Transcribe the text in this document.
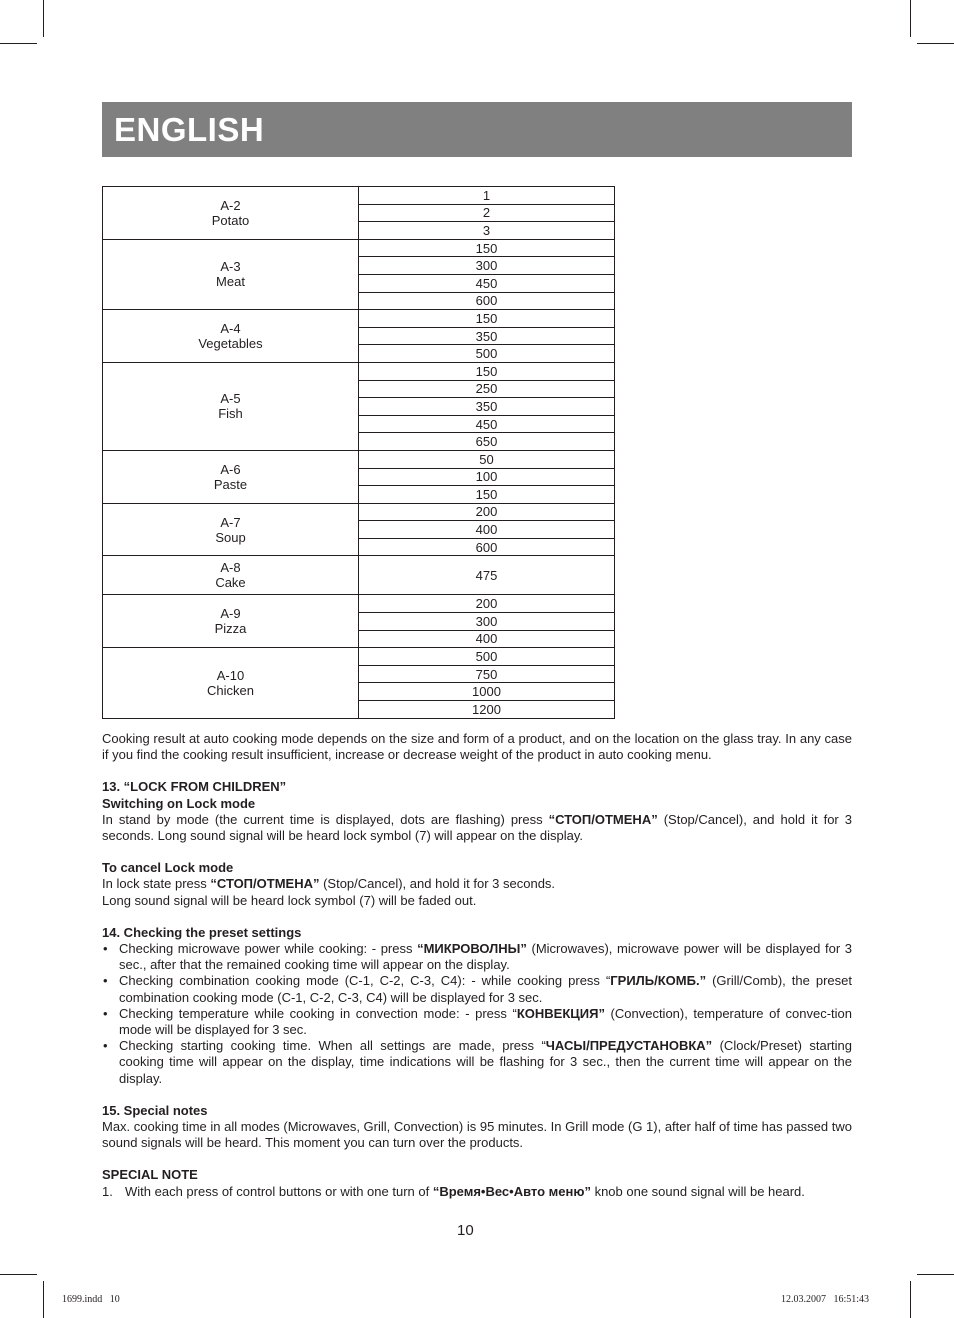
ENGLISH
A-2
Potato	1
	2
	3

A-3
Meat	150
	300
	450
	600

A-4
Vegetables	150
	350
	500

A-5
Fish	150
	250
	350
	450
	650

A-6
Paste	50
	100
	150

A-7
Soup	200
	400
	600

A-8
Cake	475

A-9
Pizza	200
	300
	400

A-10
Chicken	500
	750
	1000
	1200

Cooking result at auto cooking mode depends on the size and form of a product, and on the location on the glass tray. In any case if you find the cooking result insufficient, increase or decrease weight of the product in auto cooking menu.

13. “LOCK FROM CHILDREN”

Switching on Lock mode

In stand by mode (the current time is displayed, dots are flashing) press “СТОП/ОТМЕНА” (Stop/Cancel), and hold it for 3 seconds. Long sound signal will be heard lock symbol (7) will appear on the display.

To cancel Lock mode

In lock state press “СТОП/ОТМЕНА” (Stop/Cancel), and hold it for 3 seconds.

Long sound signal will be heard lock symbol (7) will be faded out.

14. Checking the preset settings

• Checking microwave power while cooking: - press “МИКРОВОЛНЫ” (Microwaves), microwave power will be displayed for 3 sec., after that the remained cooking time will appear on the display.
• Checking combination cooking mode (C-1, C-2, C-3, C4): - while cooking press “ГРИЛЬ/КОМБ.” (Grill/Comb), the preset combination cooking mode (C-1, C-2, C-3, C4) will be displayed for 3 sec.
• Checking temperature while cooking in convection mode: - press “КОНВЕКЦИЯ” (Convection), temperature of convec-tion mode will be displayed for 3 sec.
• Checking starting cooking time. When all settings are made, press “ЧАСЫ/ПРЕДУСТАНОВКА” (Clock/Preset) starting cooking time will appear on the display, time indications will be flashing for 3 sec., then the current time will appear on the display.

15. Special notes

Max. cooking time in all modes (Microwaves, Grill, Convection) is 95 minutes. In Grill mode (G 1), after half of time has passed two sound signals will be heard. This moment you can turn over the products.

SPECIAL NOTE

1. With each press of control buttons or with one turn of “Время•Вес•Авто меню” knob one sound signal will be heard.
10
1699.indd   10	12.03.2007   16:51:43
